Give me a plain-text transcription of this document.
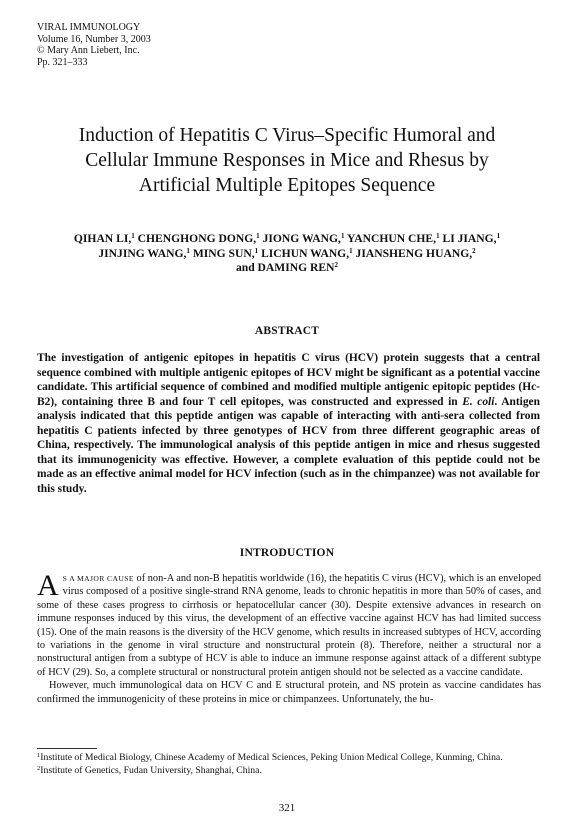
VIRAL IMMUNOLOGY
Volume 16, Number 3, 2003
© Mary Ann Liebert, Inc.
Pp. 321–333
Induction of Hepatitis C Virus–Specific Humoral and
Cellular Immune Responses in Mice and Rhesus by
Artificial Multiple Epitopes Sequence
QIHAN LI,$^1$ CHENGHONG DONG,$^1$ JIONG WANG,$^1$ YANCHUN CHE,$^1$ LI JIANG,$^1$
JINJING WANG,$^1$ MING SUN,$^1$ LICHUN WANG,$^1$ JIANSHENG HUANG,$^2$
and DAMING REN$^2$
ABSTRACT

The investigation of antigenic epitopes in hepatitis C virus (HCV) protein suggests that a central sequence combined with multiple antigenic epitopes of HCV might be significant as a potential vaccine candidate. This artificial sequence of combined and modified multiple antigenic epitopic peptides (Hc-B2), containing three B and four T cell epitopes, was constructed and expressed in E. coli. Antigen analysis indicated that this peptide antigen was capable of interacting with anti-sera collected from hepatitis C patients infected by three genotypes of HCV from three different geographic areas of China, respectively. The immunological analysis of this peptide antigen in mice and rhesus suggested that its immunogenicity was effective. However, a complete evaluation of this peptide could not be made as an effective animal model for HCV infection (such as in the chimpanzee) was not available for this study.

INTRODUCTION

A S A MAJOR CAUSE of non-A and non-B hepatitis worldwide (16), the hepatitis C virus (HCV), which is an enveloped virus composed of a positive single-strand RNA genome, leads to chronic hepatitis in more than 50% of cases, and some of these cases progress to cirrhosis or hepatocellular cancer (30). Despite extensive advances in research on immune responses induced by this virus, the development of an effective vaccine against HCV has had limited success (15). One of the main reasons is the diversity of the HCV genome, which results in increased subtypes of HCV, according to variations in the genome in viral structure and nonstructural protein (8). Therefore, neither a structural nor a nonstructural antigen from a subtype of HCV is able to induce an immune response against attack of a different subtype of HCV (29). So, a complete structural or nonstructural protein antigen should not be selected as a vaccine candidate.

However, much immunological data on HCV C and E structural protein, and NS protein as vaccine candidates has confirmed the immunogenicity of these proteins in mice or chimpanzees. Unfortunately, the hu-

$^1$Institute of Medical Biology, Chinese Academy of Medical Sciences, Peking Union Medical College, Kunming, China.

$^2$Institute of Genetics, Fudan University, Shanghai, China.

321
